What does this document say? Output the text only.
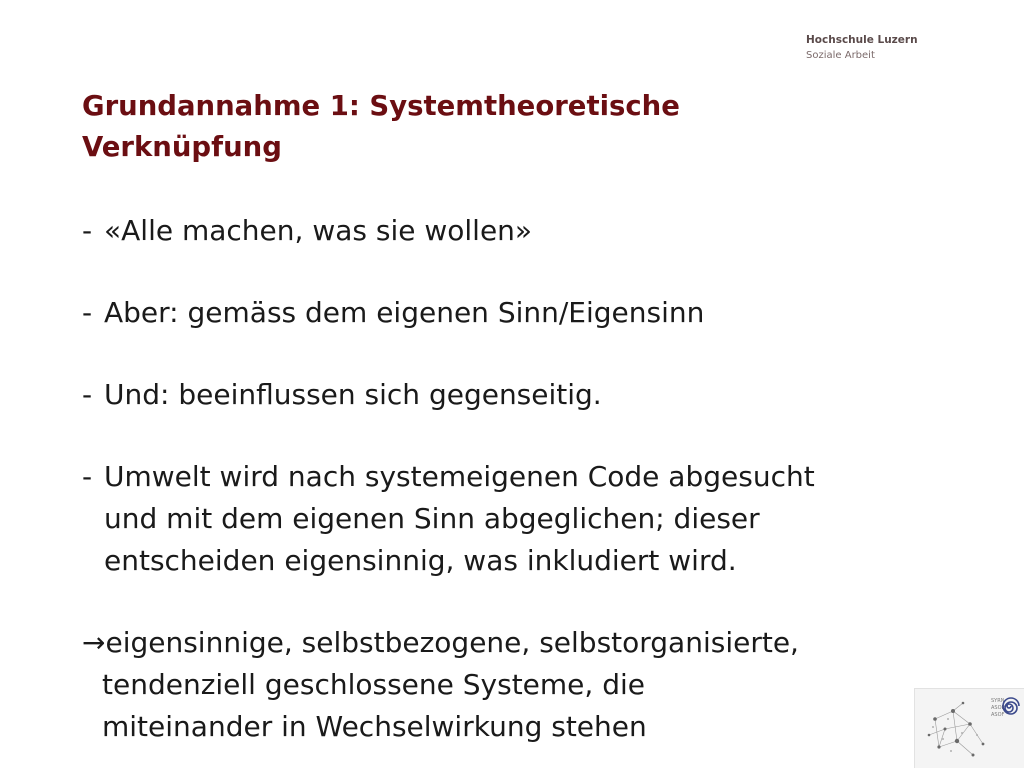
Hochschule Luzern
Soziale Arbeit
Grundannahme 1: Systemtheoretische
Verknüpfung
- «Alle machen, was sie wollen»
- Aber: gemäss dem eigenen Sinn/Eigensinn
- Und: beeinflussen sich gegenseitig.
- Umwelt wird nach systemeigenen Code abgesucht
und mit dem eigenen Sinn abgeglichen; dieser
entscheiden eigensinnig, was inkludiert wird.
→eigensinnige, selbstbezogene, selbstorganisierte,
tendenziell geschlossene Systeme, die
miteinander in Wechselwirkung stehen
SYRN
ASOP
ASOF
